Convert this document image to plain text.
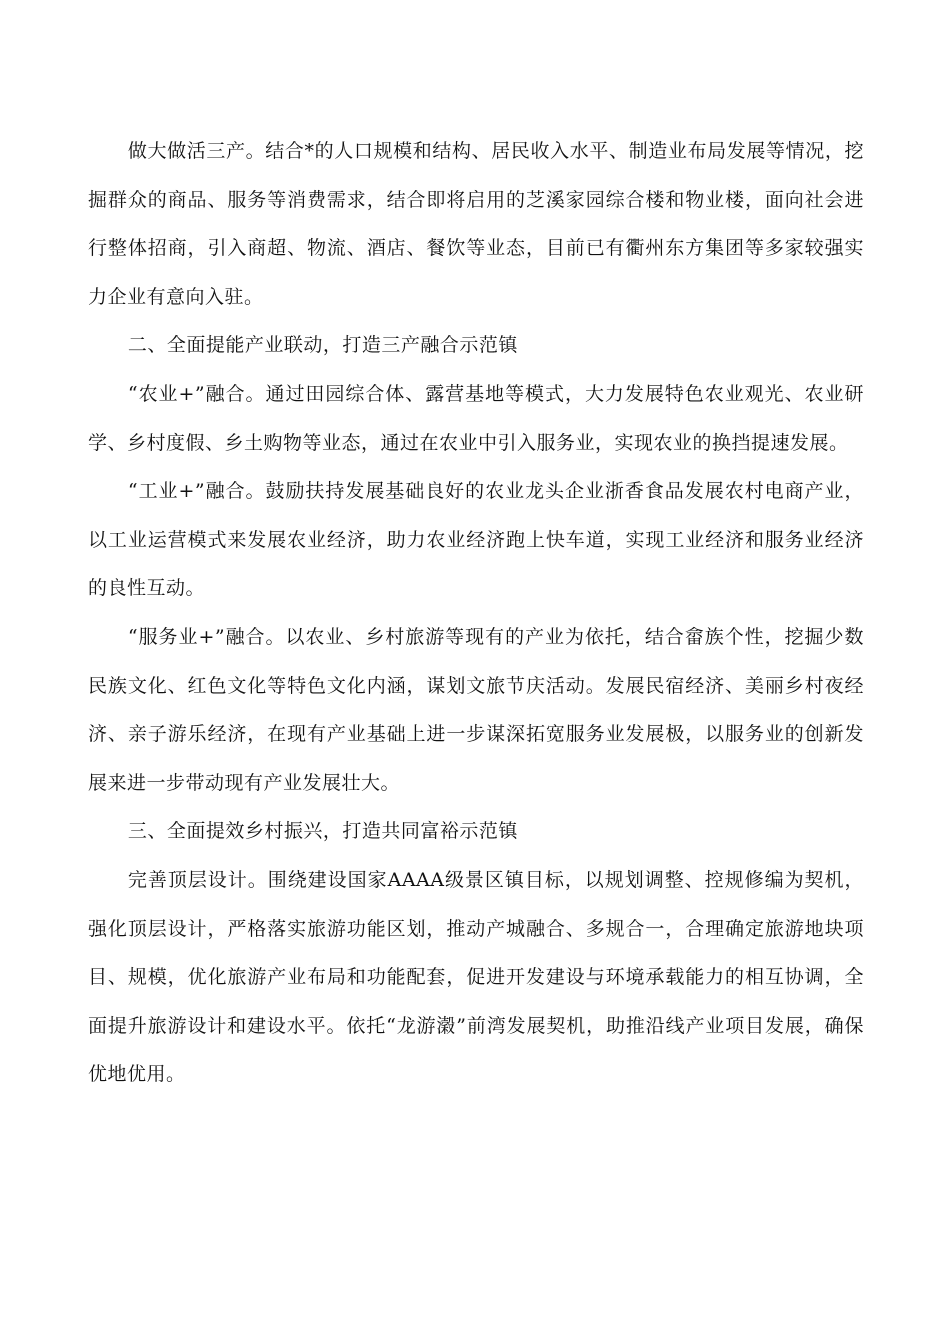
做大做活三产。结合*的人口规模和结构、居民收入水平、制造业布局发展等情况，挖掘群众的商品、服务等消费需求，结合即将启用的芝溪家园综合楼和物业楼，面向社会进行整体招商，引入商超、物流、酒店、餐饮等业态，目前已有衢州东方集团等多家较强实力企业有意向入驻。

二、全面提能产业联动，打造三产融合示范镇

“农业+”融合。通过田园综合体、露营基地等模式，大力发展特色农业观光、农业研学、乡村度假、乡土购物等业态，通过在农业中引入服务业，实现农业的换挡提速发展。

“工业+”融合。鼓励扶持发展基础良好的农业龙头企业浙香食品发展农村电商产业，以工业运营模式来发展农业经济，助力农业经济跑上快车道，实现工业经济和服务业经济的良性互动。

“服务业+”融合。以农业、乡村旅游等现有的产业为依托，结合畲族个性，挖掘少数民族文化、红色文化等特色文化内涵，谋划文旅节庆活动。发展民宿经济、美丽乡村夜经济、亲子游乐经济，在现有产业基础上进一步谋深拓宽服务业发展极，以服务业的创新发展来进一步带动现有产业发展壮大。

三、全面提效乡村振兴，打造共同富裕示范镇

完善顶层设计。围绕建设国家AAAA级景区镇目标，以规划调整、控规修编为契机，强化顶层设计，严格落实旅游功能区划，推动产城融合、多规合一，合理确定旅游地块项目、规模，优化旅游产业布局和功能配套，促进开发建设与环境承载能力的相互协调，全面提升旅游设计和建设水平。依托“龙游濲”前湾发展契机，助推沿线产业项目发展，确保优地优用。
